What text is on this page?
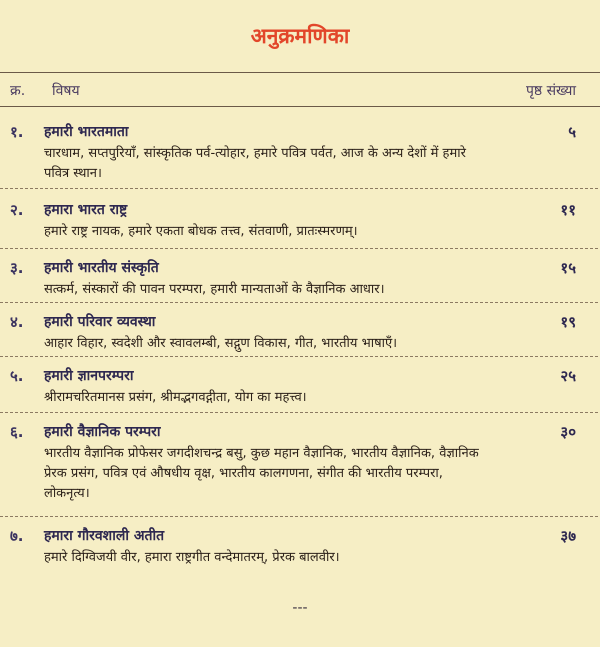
अनुक्रमणिका
क्र. विषय	पृष्ठ संख्या
१. हमारी भारतमाता	५
चारधाम, सप्तपुरियाँ, सांस्कृतिक पर्व-त्योहार, हमारे पवित्र पर्वत, आज के अन्य देशों में हमारे पवित्र स्थान।
२. हमारा भारत राष्ट्र	११
हमारे राष्ट्र नायक, हमारे एकता बोधक तत्त्व, संतवाणी, प्रातःस्मरणम्।
३. हमारी भारतीय संस्कृति	१५
सत्कर्म, संस्कारों की पावन परम्परा, हमारी मान्यताओं के वैज्ञानिक आधार।
४. हमारी परिवार व्यवस्था	१९
आहार विहार, स्वदेशी और स्वावलम्बी, सद्गुण विकास, गीत, भारतीय भाषाएँ।
५. हमारी ज्ञानपरम्परा	२५
श्रीरामचरितमानस प्रसंग, श्रीमद्भगवद्गीता, योग का महत्त्व।
६. हमारी वैज्ञानिक परम्परा	३०
भारतीय वैज्ञानिक प्रोफेसर जगदीशचन्द्र बसु, कुछ महान वैज्ञानिक, भारतीय वैज्ञानिक, वैज्ञानिक प्रेरक प्रसंग, पवित्र एवं औषधीय वृक्ष, भारतीय कालगणना, संगीत की भारतीय परम्परा, लोकनृत्य।
७. हमारा गौरवशाली अतीत	३७
हमारे दिग्विजयी वीर, हमारा राष्ट्रगीत वन्देमातरम्, प्रेरक बालवीर।
---
